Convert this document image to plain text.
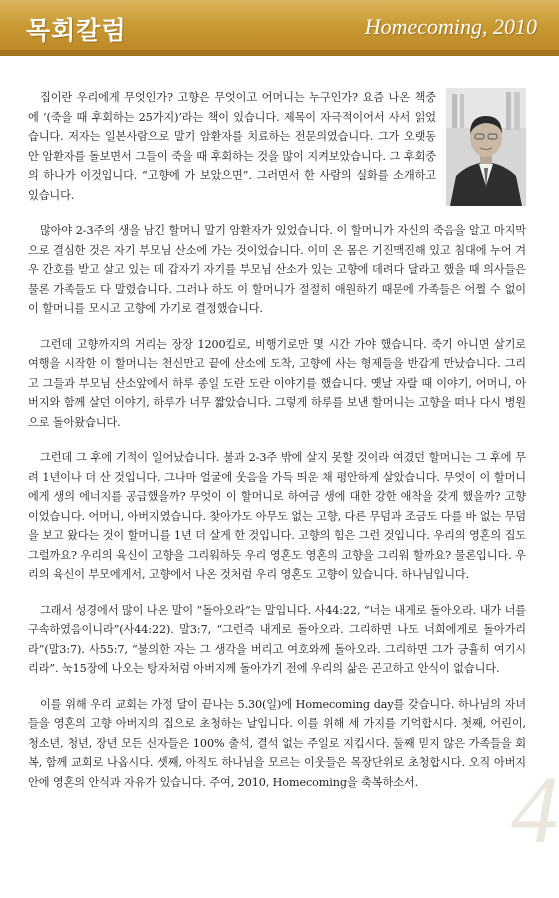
목회칼럼	Homecoming, 2010
4

집이란 우리에게 무엇인가? 고향은 무엇이고 어머니는 누구인가? 요즘 나온 책중에 ‘(죽을 때 후회하는 25가지)’라는 책이 있습니다. 제목이 자극적이어서 사서 읽었습니다. 저자는 일본사람으로 말기 암환자를 치료하는 전문의였습니다. 그가 오랫동안 암환자를 돌보면서 그들이 죽을 때 후회하는 것을 많이 지켜보았습니다. 그 후회중의 하나가 이것입니다. “고향에 가 보았으면”. 그러면서 한 사람의 실화를 소개하고 있습니다.

많아야 2-3주의 생을 남긴 할머니 말기 암환자가 있었습니다. 이 할머니가 자신의 죽음을 알고 마지막으로 결심한 것은 자기 부모님 산소에 가는 것이었습니다. 이미 온 몸은 기진맥진해 있고 침대에 누어 겨우 간호를 받고 살고 있는 데 갑자기 자기를 부모님 산소가 있는 고향에 데려다 달라고 했을 때 의사들은 물론 가족들도 다 말렸습니다. 그러나 하도 이 할머니가 절절히 애원하기 때문에 가족들은 어쩔 수 없이 이 할머니를 모시고 고향에 가기로 결정했습니다.

그런데 고향까지의 거리는 장장 1200킬로, 비행기로만 몇 시간 가야 했습니다. 죽기 아니면 살기로 여행을 시작한 이 할머니는 천신만고 끝에 산소에 도착, 고향에 사는 형제들을 반갑게 만났습니다. 그리고 그들과 부모님 산소앞에서 하루 종일 도란 도란 이야기를 했습니다. 옛날 자랄 때 이야기, 어머니, 아버지와 함께 살던 이야기, 하루가 너무 짧았습니다. 그렇게 하루를 보낸 할머니는 고향을 떠나 다시 병원으로 돌아왔습니다.

그런데 그 후에 기적이 일어났습니다. 불과 2-3주 밖에 살지 못할 것이라 여겼던 할머니는 그 후에 무려 1년이나 더 산 것입니다. 그나마 얼굴에 웃음을 가득 띄운 채 평안하게 살았습니다. 무엇이 이 할머니에게 생의 에너지를 공급했을까? 무엇이 이 할머니로 하여금 생에 대한 강한 애착을 갖게 했을까? 고향이었습니다. 어머니, 아버지였습니다. 찾아가도 아무도 없는 고향, 다른 무덤과 조금도 다를 바 없는 무덤을 보고 왔다는 것이 할머니를 1년 더 살게 한 것입니다. 고향의 힘은 그런 것입니다. 우리의 영혼의 집도 그럴까요? 우리의 육신이 고향을 그리워하듯 우리 영혼도 영혼의 고향을 그리워 할까요? 물론입니다. 우리의 육신이 부모에게서, 고향에서 나온 것처럼 우리 영혼도 고향이 있습니다. 하나님입니다.

그래서 성경에서 많이 나온 말이 “돌아오라”는 말입니다. 사44:22, “너는 내게로 돌아오라. 내가 너를 구속하였음이니라”(사44:22). 말3:7, “그런즉 내게로 돌아오라. 그리하면 나도 너희에게로 돌아가리라”(말3:7). 사55:7, “불의한 자는 그 생각을 버리고 여호와께 돌아오라. 그리하면 그가 긍휼히 여기시리라”. 눅15장에 나오는 탕자처럼 아버지께 돌아가기 전에 우리의 삶은 곤고하고 안식이 없습니다.

이를 위해 우리 교회는 가정 달이 끝나는 5.30(일)에 Homecoming day를 갖습니다. 하나님의 자녀들을 영혼의 고향 아버지의 집으로 초청하는 날입니다. 이를 위해 세 가지를 기억합시다. 첫째, 어린이, 청소년, 청년, 장년 모든 신자들은 100% 출석, 결석 없는 주일로 지킵시다. 둘째 믿지 않은 가족들을 회복, 함께 교회로 나옵시다. 셋째, 아직도 하나님을 모르는 이웃들은 목장단위로 초청합시다. 오직 아버지 안에 영혼의 안식과 자유가 있습니다. 주여, 2010, Homecoming을 축복하소서.
